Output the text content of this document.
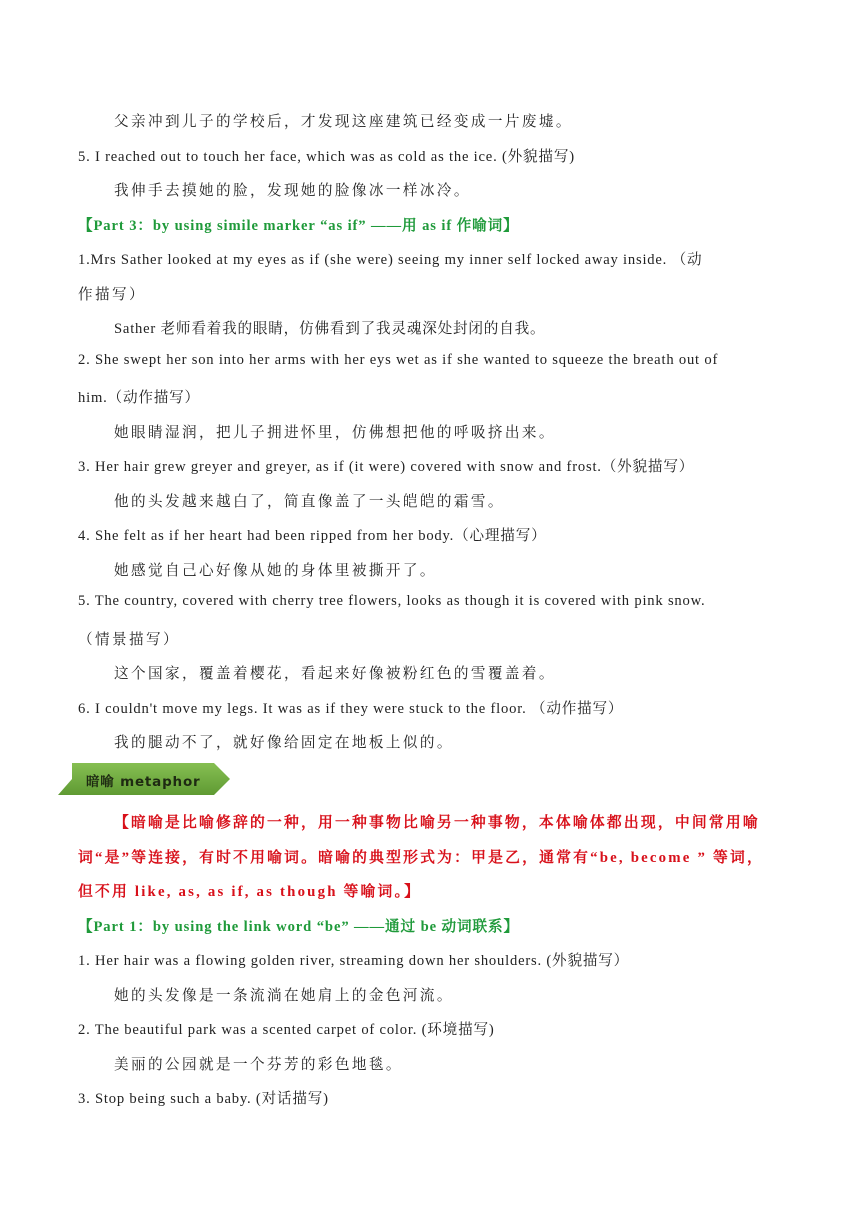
父亲冲到儿子的学校后，才发现这座建筑已经变成一片废墟。
5. I reached out to touch her face, which was as cold as the ice. (外貌描写)
我伸手去摸她的脸，发现她的脸像冰一样冰冷。
【Part 3：by using simile marker “as if” ——用 as if 作喻词】
1.Mrs Sather looked at my eyes as if (she were) seeing my inner self locked away inside. （动
作描写）
Sather 老师看着我的眼睛，仿佛看到了我灵魂深处封闭的自我。
2. She swept her son into her arms with her eys wet as if she wanted to squeeze the breath out of
him.（动作描写）
她眼睛湿润，把儿子拥进怀里，仿佛想把他的呼吸挤出来。
3. Her hair grew greyer and greyer, as if (it were) covered with snow and frost.（外貌描写）
他的头发越来越白了，简直像盖了一头皑皑的霜雪。
4. She felt as if her heart had been ripped from her body.（心理描写）
她感觉自己心好像从她的身体里被撕开了。
5. The country, covered with cherry tree flowers, looks as though it is covered with pink snow.
（情景描写）
这个国家，覆盖着樱花，看起来好像被粉红色的雪覆盖着。
6. I couldn't move my legs. It was as if they were stuck to the floor. （动作描写）
我的腿动不了，就好像给固定在地板上似的。
暗喻 metaphor
【暗喻是比喻修辞的一种，用一种事物比喻另一种事物，本体喻体都出现，中间常用喻
词“是”等连接，有时不用喻词。暗喻的典型形式为：甲是乙，通常有“be, become ” 等词，
但不用 like, as, as if, as though 等喻词。】
【Part 1：by using the link word “be” ——通过 be 动词联系】
1. Her hair was a flowing golden river, streaming down her shoulders. (外貌描写）
她的头发像是一条流淌在她肩上的金色河流。
2. The beautiful park was a scented carpet of color. (环境描写)
美丽的公园就是一个芬芳的彩色地毯。
3. Stop being such a baby. (对话描写)
